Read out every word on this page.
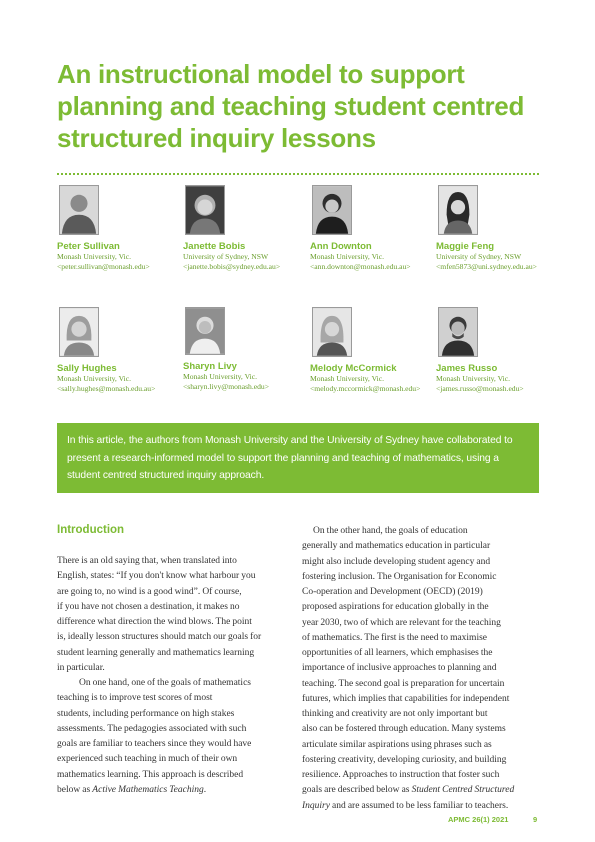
An instructional model to support
planning and teaching student centred
structured inquiry lessons
Peter Sullivan
Monash University, Vic.
<peter.sullivan@monash.edu>
Janette Bobis
University of Sydney, NSW
<janette.bobis@sydney.edu.au>
Ann Downton
Monash University, Vic.
<ann.downton@monash.edu.au>
Maggie Feng
University of Sydney, NSW
<mfen5873@uni.sydney.edu.au>
Sally Hughes
Monash University, Vic.
<sally.hughes@monash.edu.au>
Sharyn Livy
Monash University, Vic.
<sharyn.livy@monash.edu>
Melody McCormick
Monash University, Vic.
<melody.mccormick@monash.edu>
James Russo
Monash University, Vic.
<james.russo@monash.edu>

In this article, the authors from Monash University and the University of Sydney have collaborated to present a research-informed model to support the planning and teaching of mathematics, using a student centred structured inquiry approach.

Introduction

There is an old saying that, when translated into
English, states: “If you don't know what harbour you
are going to, no wind is a good wind”. Of course,
if you have not chosen a destination, it makes no
difference what direction the wind blows. The point
is, ideally lesson structures should match our goals for
student learning generally and mathematics learning
in particular.

On one hand, one of the goals of mathematics
teaching is to improve test scores of most
students, including performance on high stakes
assessments. The pedagogies associated with such
goals are familiar to teachers since they would have
experienced such teaching in much of their own
mathematics learning. This approach is described
below as Active Mathematics Teaching.

On the other hand, the goals of education
generally and mathematics education in particular
might also include developing student agency and
fostering inclusion. The Organisation for Economic
Co-operation and Development (OECD) (2019)
proposed aspirations for education globally in the
year 2030, two of which are relevant for the teaching
of mathematics. The first is the need to maximise
opportunities of all learners, which emphasises the
importance of inclusive approaches to planning and
teaching. The second goal is preparation for uncertain
futures, which implies that capabilities for independent
thinking and creativity are not only important but
also can be fostered through education. Many systems
articulate similar aspirations using phrases such as
fostering creativity, developing curiosity, and building
resilience. Approaches to instruction that foster such
goals are described below as Student Centred Structured
Inquiry and are assumed to be less familiar to teachers.

APMC 26(1) 2021	9
